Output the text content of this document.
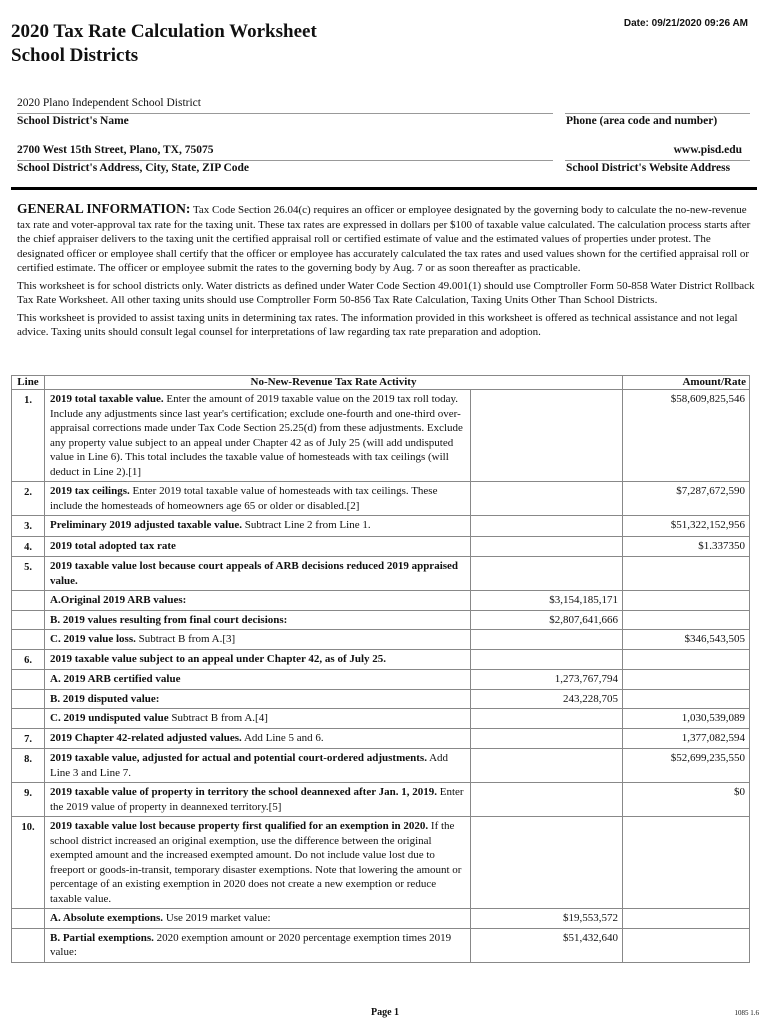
2020 Tax Rate Calculation Worksheet
School Districts
Date: 09/21/2020 09:26 AM
2020 Plano Independent School District
School District's Name	Phone (area code and number)
2700 West 15th Street, Plano, TX, 75075
School District's Address, City, State, ZIP Code
www.pisd.edu
School District's Website Address

GENERAL INFORMATION: Tax Code Section 26.04(c) requires an officer or employee designated by the governing body to calculate the no-new-revenue tax rate and voter-approval tax rate for the taxing unit. These tax rates are expressed in dollars per $100 of taxable value calculated. The calculation process starts after the chief appraiser delivers to the taxing unit the certified appraisal roll or certified estimate of value and the estimated values of properties under protest. The designated officer or employee shall certify that the officer or employee has accurately calculated the tax rates and used values shown for the certified appraisal roll or certified estimate. The officer or employee submit the rates to the governing body by Aug. 7 or as soon thereafter as practicable.

This worksheet is for school districts only. Water districts as defined under Water Code Section 49.001(1) should use Comptroller Form 50-858 Water District Rollback Tax Rate Worksheet. All other taxing units should use Comptroller Form 50-856 Tax Rate Calculation, Taxing Units Other Than School Districts.

This worksheet is provided to assist taxing units in determining tax rates. The information provided in this worksheet is offered as technical assistance and not legal advice. Taxing units should consult legal counsel for interpretations of law regarding tax rate preparation and adoption.

Line	No-New-Revenue Tax Rate Activity		Amount/Rate
1.	2019 total taxable value. Enter the amount of 2019 taxable value on the 2019 tax roll today. Include any adjustments since last year's certification; exclude one-fourth and one-third over-appraisal corrections made under Tax Code Section 25.25(d) from these adjustments. Exclude any property value subject to an appeal under Chapter 42 as of July 25 (will add undisputed value in Line 6). This total includes the taxable value of homesteads with tax ceilings (will deduct in Line 2).[1]		$58,609,825,546
2.	2019 tax ceilings. Enter 2019 total taxable value of homesteads with tax ceilings. These include the homesteads of homeowners age 65 or older or disabled.[2]		$7,287,672,590
3.	Preliminary 2019 adjusted taxable value. Subtract Line 2 from Line 1.		$51,322,152,956
4.	2019 total adopted tax rate		$1.337350
5.	2019 taxable value lost because court appeals of ARB decisions reduced 2019 appraised value.		
	A.Original 2019 ARB values:	$3,154,185,171	
	B. 2019 values resulting from final court decisions:	$2,807,641,666	
	C. 2019 value loss. Subtract B from A.[3]		$346,543,505
6.	2019 taxable value subject to an appeal under Chapter 42, as of July 25.		
	A. 2019 ARB certified value	1,273,767,794	
	B. 2019 disputed value:	243,228,705	
	C. 2019 undisputed value Subtract B from A.[4]		1,030,539,089
7.	2019 Chapter 42-related adjusted values. Add Line 5 and 6.		1,377,082,594
8.	2019 taxable value, adjusted for actual and potential court-ordered adjustments. Add Line 3 and Line 7.		$52,699,235,550
9.	2019 taxable value of property in territory the school deannexed after Jan. 1, 2019. Enter the 2019 value of property in deannexed territory.[5]		$0
10.	2019 taxable value lost because property first qualified for an exemption in 2020. If the school district increased an original exemption, use the difference between the original exempted amount and the increased exempted amount. Do not include value lost due to freeport or goods-in-transit, temporary disaster exemptions. Note that lowering the amount or percentage of an existing exemption in 2020 does not create a new exemption or reduce taxable value.		
	A. Absolute exemptions. Use 2019 market value:	$19,553,572	
	B. Partial exemptions. 2020 exemption amount or 2020 percentage exemption times 2019 value:	$51,432,640	
Page 1	1085 1.6
